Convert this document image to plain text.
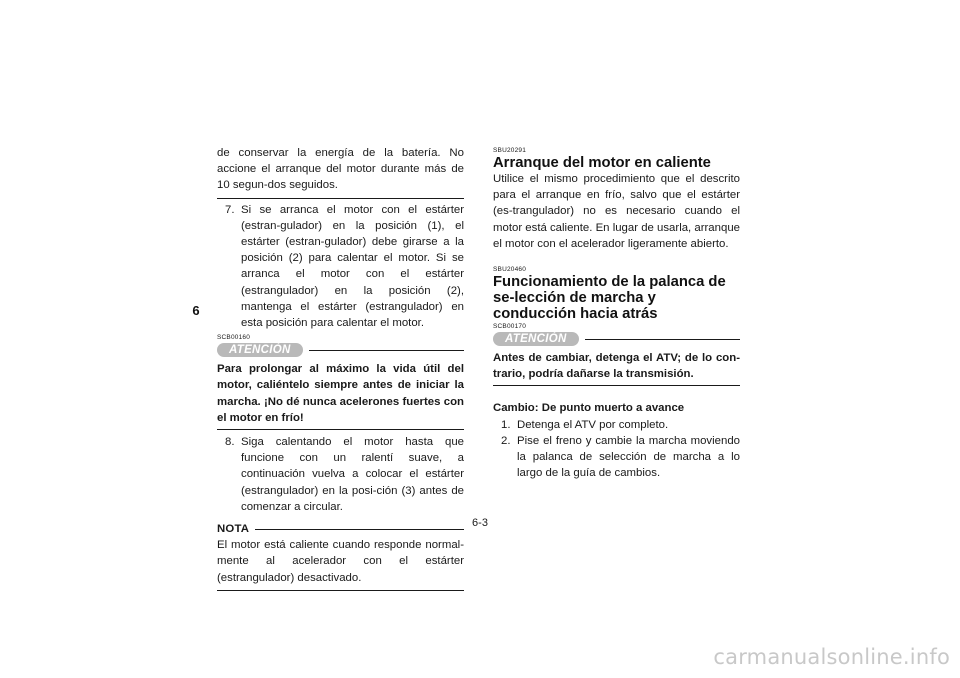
6
de conservar la energía de la batería. No accione el arranque del motor durante más de 10 segun-dos seguidos.
7. Si se arranca el motor con el estárter (estran-gulador) en la posición (1), el estárter (estran-gulador) debe girarse a la posición (2) para calentar el motor. Si se arranca el motor con el estárter (estrangulador) en la posición (2), mantenga el estárter (estrangulador) en esta posición para calentar el motor.
SCB00160
ATENCIÓN
Para prolongar al máximo la vida útil del motor, caliéntelo siempre antes de iniciar la marcha. ¡No dé nunca acelerones fuertes con el motor en frío!
8. Siga calentando el motor hasta que funcione con un ralentí suave, a continuación vuelva a colocar el estárter (estrangulador) en la posi-ción (3) antes de comenzar a circular.
NOTA
El motor está caliente cuando responde normal-mente al acelerador con el estárter (estrangulador) desactivado.
SBU20291
Arranque del motor en caliente
Utilice el mismo procedimiento que el descrito para el arranque en frío, salvo que el estárter (es-trangulador) no es necesario cuando el motor está caliente. En lugar de usarla, arranque el motor con el acelerador ligeramente abierto.
SBU20460
Funcionamiento de la palanca de se-lección de marcha y conducción hacia atrás
SCB00170
ATENCIÓN
Antes de cambiar, detenga el ATV; de lo con-trario, podría dañarse la transmisión.
Cambio: De punto muerto a avance
1. Detenga el ATV por completo.
2. Pise el freno y cambie la marcha moviendo la palanca de selección de marcha a lo largo de la guía de cambios.
6-3
carmanualsonline.info
